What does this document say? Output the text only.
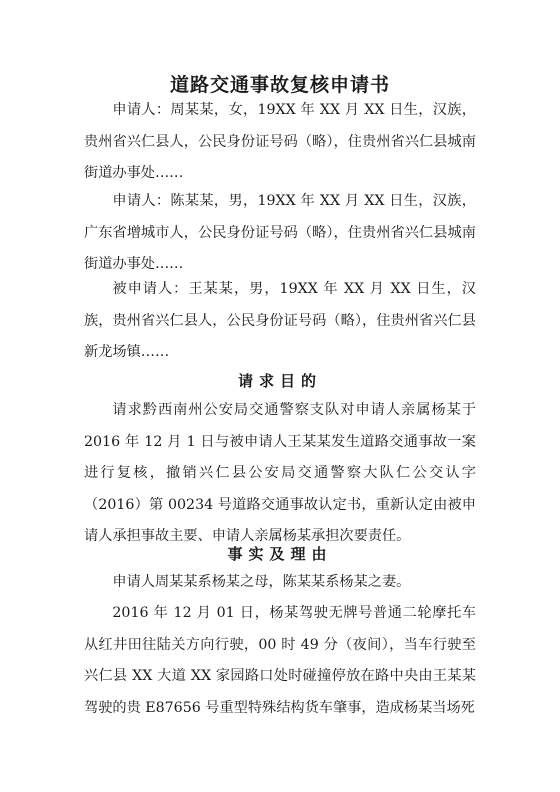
道路交通事故复核申请书

申请人：周某某，女，19XX 年 XX 月 XX 日生，汉族，贵州省兴仁县人，公民身份证号码（略），住贵州省兴仁县城南街道办事处……

申请人：陈某某，男，19XX 年 XX 月 XX 日生，汉族，广东省增城市人，公民身份证号码（略），住贵州省兴仁县城南街道办事处……

被申请人：王某某，男，19XX 年 XX 月 XX 日生，汉族，贵州省兴仁县人，公民身份证号码（略），住贵州省兴仁县新龙场镇……

请求目的

请求黔西南州公安局交通警察支队对申请人亲属杨某于 2016 年 12 月 1 日与被申请人王某某发生道路交通事故一案进行复核，撤销兴仁县公安局交通警察大队仁公交认字（2016）第 00234 号道路交通事故认定书，重新认定由被申请人承担事故主要、申请人亲属杨某承担次要责任。

事实及理由

申请人周某某系杨某之母，陈某某系杨某之妻。

2016 年 12 月 01 日，杨某驾驶无牌号普通二轮摩托车从红井田往陆关方向行驶，00 时 49 分（夜间），当车行驶至兴仁县 XX 大道 XX 家园路口处时碰撞停放在路中央由王某某驾驶的贵 E87656 号重型特殊结构货车肇事，造成杨某当场死
